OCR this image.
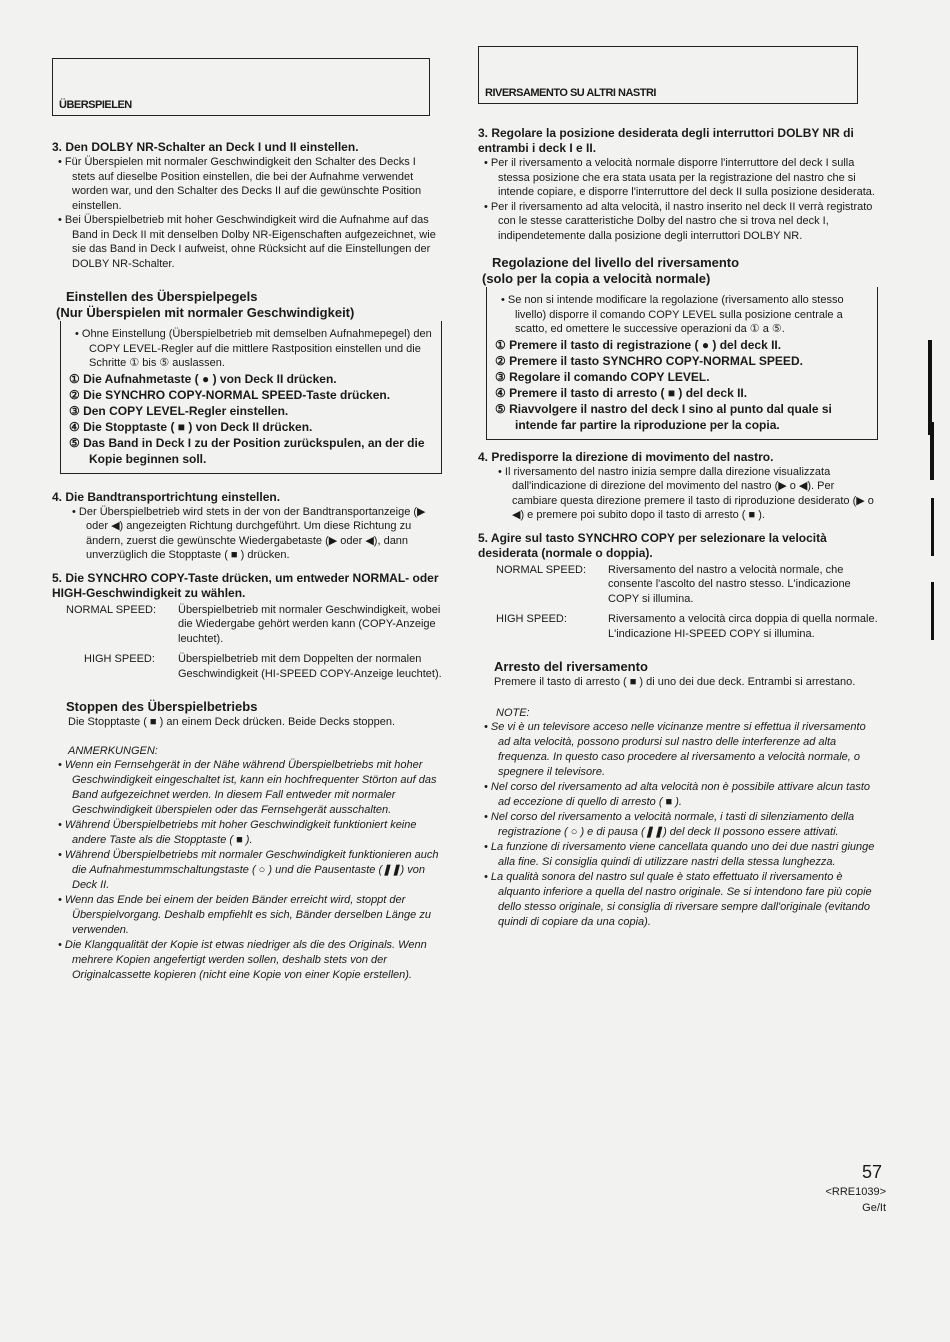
ÜBERSPIELEN

3. Den DOLBY NR-Schalter an Deck I und II einstellen.

• Für Überspielen mit normaler Geschwindigkeit den Schalter des Decks I stets auf dieselbe Position einstellen, die bei der Aufnahme verwendet worden war, und den Schalter des Decks II auf die gewünschte Position einstellen.

• Bei Überspielbetrieb mit hoher Geschwindigkeit wird die Aufnahme auf das Band in Deck II mit denselben Dolby NR-Eigenschaften aufgezeichnet, wie sie das Band in Deck I aufweist, ohne Rücksicht auf die Einstellungen der DOLBY NR-Schalter.

Einstellen des Überspielpegels

(Nur Überspielen mit normaler Geschwindigkeit)

• Ohne Einstellung (Überspielbetrieb mit demselben Aufnahmepegel) den COPY LEVEL-Regler auf die mittlere Rastposition einstellen und die Schritte ① bis ⑤ auslassen.

① Die Aufnahmetaste ( ● ) von Deck II drücken.

② Die SYNCHRO COPY-NORMAL SPEED-Taste drücken.

③ Den COPY LEVEL-Regler einstellen.

④ Die Stopptaste ( ■ ) von Deck II drücken.

⑤ Das Band in Deck I zu der Position zurückspulen, an der die Kopie beginnen soll.

4. Die Bandtransportrichtung einstellen.

• Der Überspielbetrieb wird stets in der von der Bandtransportanzeige (▶ oder ◀) angezeigten Richtung durchgeführt. Um diese Richtung zu ändern, zuerst die gewünschte Wiedergabetaste (▶ oder ◀), dann unverzüglich die Stopptaste ( ■ ) drücken.

5. Die SYNCHRO COPY-Taste drücken, um entweder NORMAL- oder HIGH-Geschwindigkeit zu wählen.

NORMAL SPEED:	Überspielbetrieb mit normaler Geschwindigkeit, wobei die Wiedergabe gehört werden kann (COPY-Anzeige leuchtet).
HIGH SPEED:	Überspielbetrieb mit dem Doppelten der normalen Geschwindigkeit (HI-SPEED COPY-Anzeige leuchtet).

Stoppen des Überspielbetriebs

Die Stopptaste ( ■ ) an einem Deck drücken. Beide Decks stoppen.

ANMERKUNGEN:

• Wenn ein Fernsehgerät in der Nähe während Überspielbetriebs mit hoher Geschwindigkeit eingeschaltet ist, kann ein hochfrequenter Störton auf das Band aufgezeichnet werden. In diesem Fall entweder mit normaler Geschwindigkeit überspielen oder das Fernsehgerät ausschalten.

• Während Überspielbetriebs mit hoher Geschwindigkeit funktioniert keine andere Taste als die Stopptaste ( ■ ).

• Während Überspielbetriebs mit normaler Geschwindigkeit funktionieren auch die Aufnahmestummschaltungstaste ( ○ ) und die Pausentaste (❚❚) von Deck II.

• Wenn das Ende bei einem der beiden Bänder erreicht wird, stoppt der Überspielvorgang. Deshalb empfiehlt es sich, Bänder derselben Länge zu verwenden.

• Die Klangqualität der Kopie ist etwas niedriger als die des Originals. Wenn mehrere Kopien angefertigt werden sollen, deshalb stets von der Originalcassette kopieren (nicht eine Kopie von einer Kopie erstellen).

RIVERSAMENTO SU ALTRI NASTRI

3. Regolare la posizione desiderata degli interruttori DOLBY NR di entrambi i deck I e II.

• Per il riversamento a velocità normale disporre l'interruttore del deck I sulla stessa posizione che era stata usata per la registrazione del nastro che si intende copiare, e disporre l'interruttore del deck II sulla posizione desiderata.

• Per il riversamento ad alta velocità, il nastro inserito nel deck II verrà registrato con le stesse caratteristiche Dolby del nastro che si trova nel deck I, indipendetemente dalla posizione degli interruttori DOLBY NR.

Regolazione del livello del riversamento

(solo per la copia a velocità normale)

• Se non si intende modificare la regolazione (riversamento allo stesso livello) disporre il comando COPY LEVEL sulla posizione centrale a scatto, ed omettere le successive operazioni da ① a ⑤.

① Premere il tasto di registrazione ( ● ) del deck II.

② Premere il tasto SYNCHRO COPY-NORMAL SPEED.

③ Regolare il comando COPY LEVEL.

④ Premere il tasto di arresto ( ■ ) del deck II.

⑤ Riavvolgere il nastro del deck I sino al punto dal quale si intende far partire la riproduzione per la copia.

4. Predisporre la direzione di movimento del nastro.

• Il riversamento del nastro inizia sempre dalla direzione visualizzata dall'indicazione di direzione del movimento del nastro (▶ o ◀). Per cambiare questa direzione premere il tasto di riproduzione desiderato (▶ o ◀) e premere poi subito dopo il tasto di arresto ( ■ ).

5. Agire sul tasto SYNCHRO COPY per selezionare la velocità desiderata (normale o doppia).

NORMAL SPEED:	Riversamento del nastro a velocità normale, che consente l'ascolto del nastro stesso. L'indicazione COPY si illumina.
HIGH SPEED:	Riversamento a velocità circa doppia di quella normale. L'indicazione HI-SPEED COPY si illumina.

Arresto del riversamento

Premere il tasto di arresto ( ■ ) di uno dei due deck. Entrambi si arrestano.

NOTE:

• Se vi è un televisore acceso nelle vicinanze mentre si effettua il riversamento ad alta velocità, possono prodursi sul nastro delle interferenze ad alta frequenza. In questo caso procedere al riversamento a velocità normale, o spegnere il televisore.

• Nel corso del riversamento ad alta velocità non è possibile attivare alcun tasto ad eccezione di quello di arresto ( ■ ).

• Nel corso del riversamento a velocità normale, i tasti di silenziamento della registrazione ( ○ ) e di pausa (❚❚) del deck II possono essere attivati.

• La funzione di riversamento viene cancellata quando uno dei due nastri giunge alla fine. Si consiglia quindi di utilizzare nastri della stessa lunghezza.

• La qualità sonora del nastro sul quale è stato effettuato il riversamento è alquanto inferiore a quella del nastro originale. Se si intendono fare più copie dello stesso originale, si consiglia di riversare sempre dall'originale (evitando quindi di copiare da una copia).

57
<RRE1039>
Ge/It
